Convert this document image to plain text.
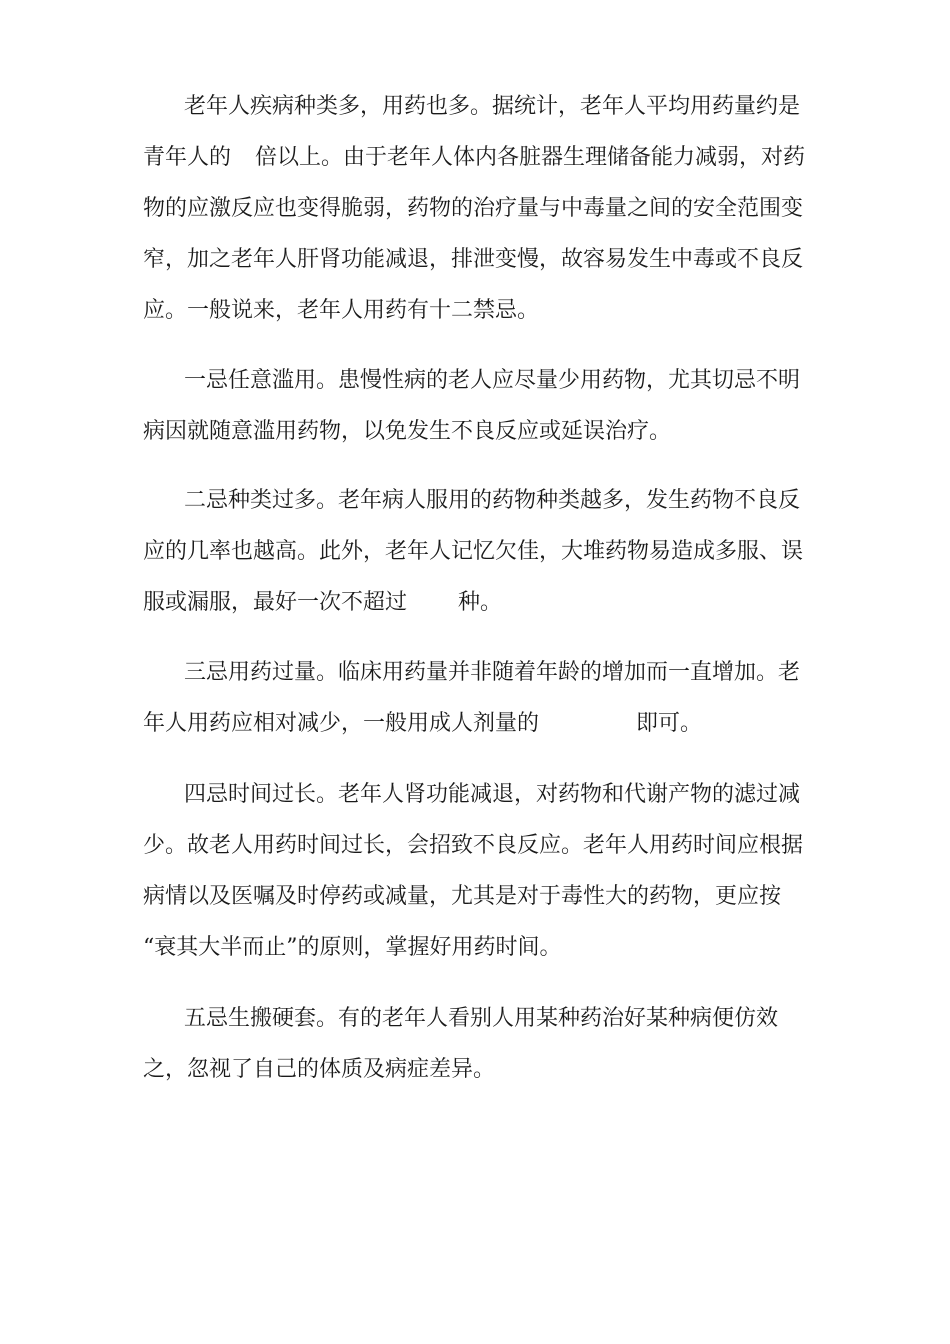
老年人疾病种类多，用药也多。据统计，老年人平均用药量约是
青年人的 倍以上。由于老年人体内各脏器生理储备能力减弱，对药
物的应激反应也变得脆弱，药物的治疗量与中毒量之间的安全范围变
窄，加之老年人肝肾功能减退，排泄变慢，故容易发生中毒或不良反
应。一般说来，老年人用药有十二禁忌。
一忌任意滥用。患慢性病的老人应尽量少用药物，尤其切忌不明
病因就随意滥用药物，以免发生不良反应或延误治疗。
二忌种类过多。老年病人服用的药物种类越多，发生药物不良反
应的几率也越高。此外，老年人记忆欠佳，大堆药物易造成多服、误
服或漏服，最好一次不超过 种。
三忌用药过量。临床用药量并非随着年龄的增加而一直增加。老
年人用药应相对减少，一般用成人剂量的	即可。
四忌时间过长。老年人肾功能减退，对药物和代谢产物的滤过减
少。故老人用药时间过长，会招致不良反应。老年人用药时间应根据
病情以及医嘱及时停药或减量，尤其是对于毒性大的药物，更应按
“衰其大半而止”的原则，掌握好用药时间。
五忌生搬硬套。有的老年人看别人用某种药治好某种病便仿效
之，忽视了自己的体质及病症差异。
